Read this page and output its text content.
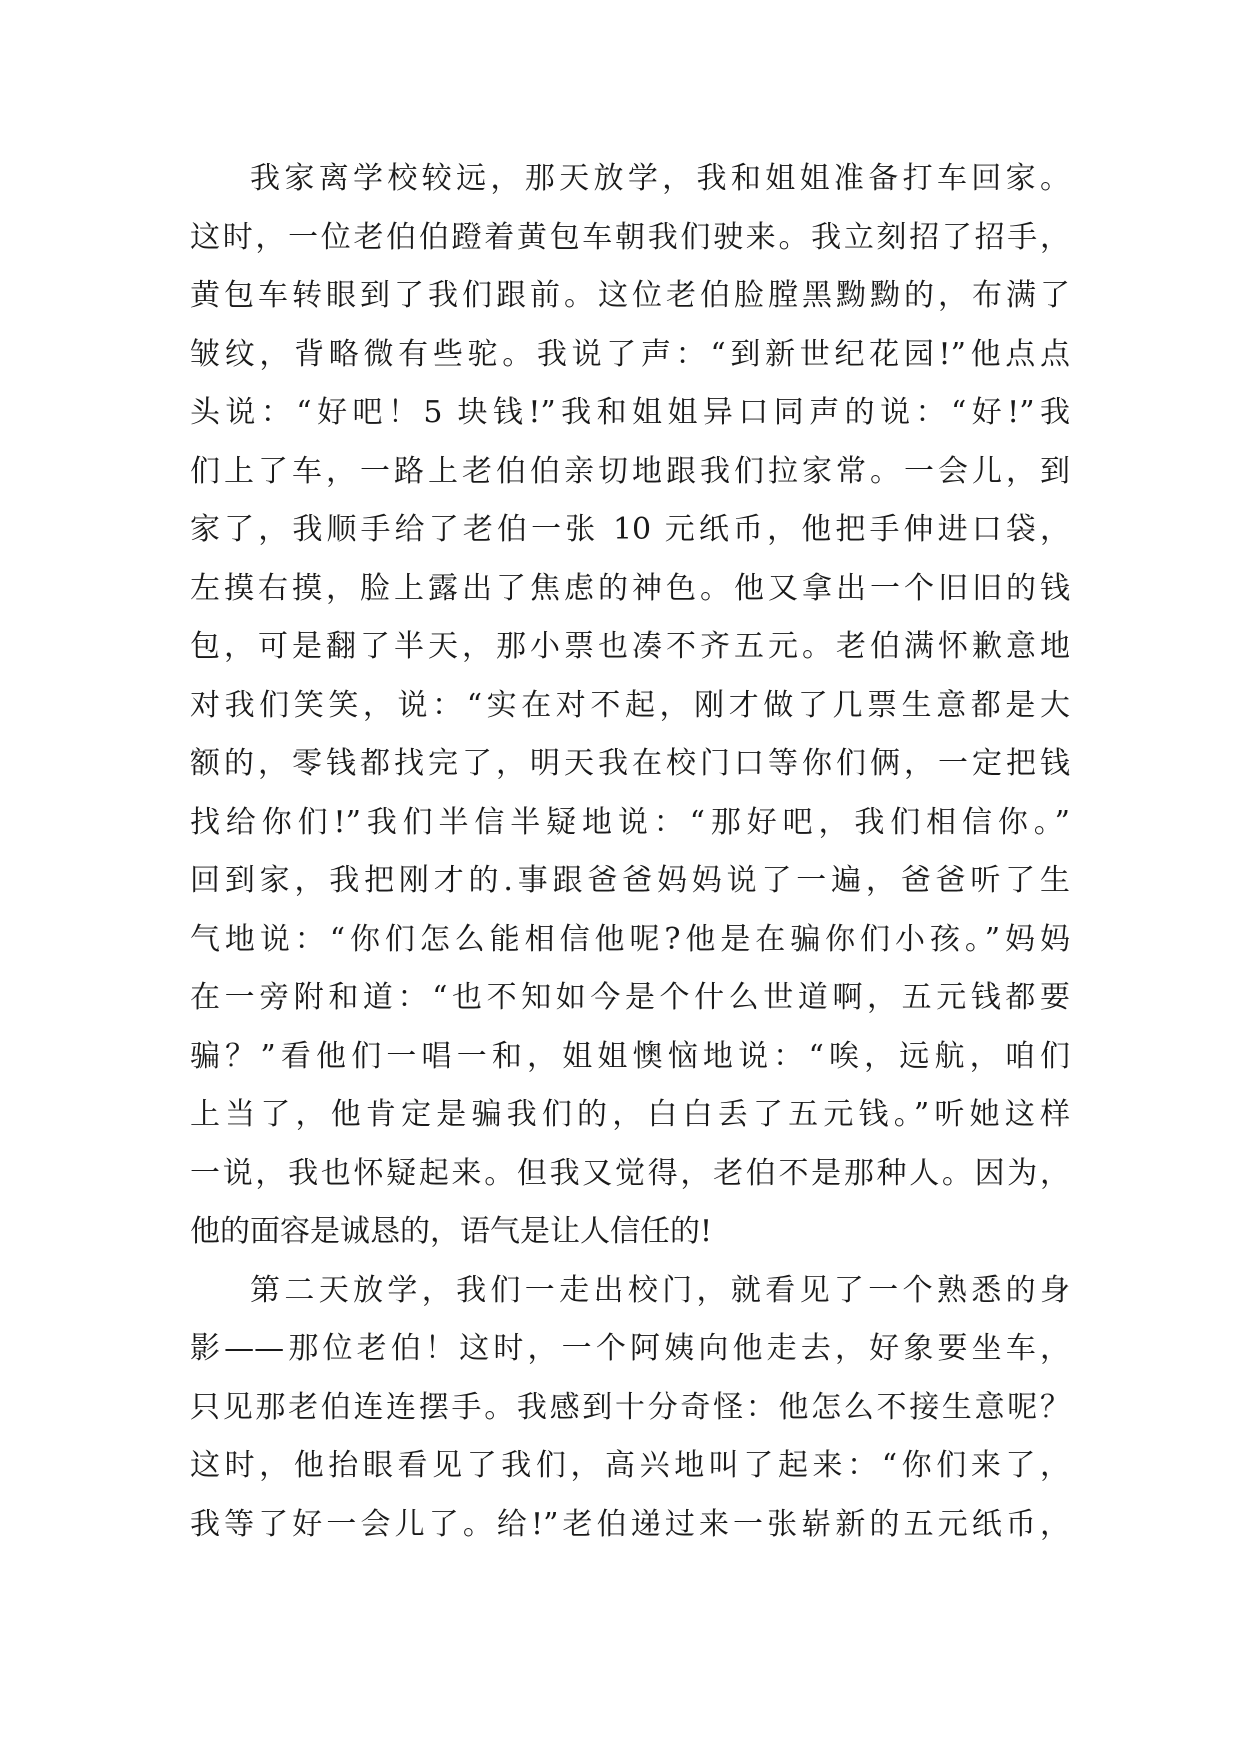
我家离学校较远，那天放学，我和姐姐准备打车回家。
这时，一位老伯伯蹬着黄包车朝我们驶来。我立刻招了招手，
黄包车转眼到了我们跟前。这位老伯脸膛黑黝黝的，布满了
皱纹，背略微有些驼。我说了声：“到新世纪花园!”他点点
头说：“好吧！5 块钱!”我和姐姐异口同声的说：“好!”我
们上了车，一路上老伯伯亲切地跟我们拉家常。一会儿，到
家了，我顺手给了老伯一张 10 元纸币，他把手伸进口袋，
左摸右摸，脸上露出了焦虑的神色。他又拿出一个旧旧的钱
包，可是翻了半天，那小票也凑不齐五元。老伯满怀歉意地
对我们笑笑，说：“实在对不起，刚才做了几票生意都是大
额的，零钱都找完了，明天我在校门口等你们俩，一定把钱
找给你们!”我们半信半疑地说：“那好吧，我们相信你。”
回到家，我把刚才的.事跟爸爸妈妈说了一遍，爸爸听了生
气地说：“你们怎么能相信他呢?他是在骗你们小孩。”妈妈
在一旁附和道：“也不知如今是个什么世道啊，五元钱都要
骗？”看他们一唱一和，姐姐懊恼地说：“唉，远航，咱们
上当了，他肯定是骗我们的，白白丢了五元钱。”听她这样
一说，我也怀疑起来。但我又觉得，老伯不是那种人。因为，
他的面容是诚恳的，语气是让人信任的!
第二天放学，我们一走出校门，就看见了一个熟悉的身
影——那位老伯！这时，一个阿姨向他走去，好象要坐车，
只见那老伯连连摆手。我感到十分奇怪：他怎么不接生意呢？
这时，他抬眼看见了我们，高兴地叫了起来：“你们来了，
我等了好一会儿了。给!”老伯递过来一张崭新的五元纸币，
